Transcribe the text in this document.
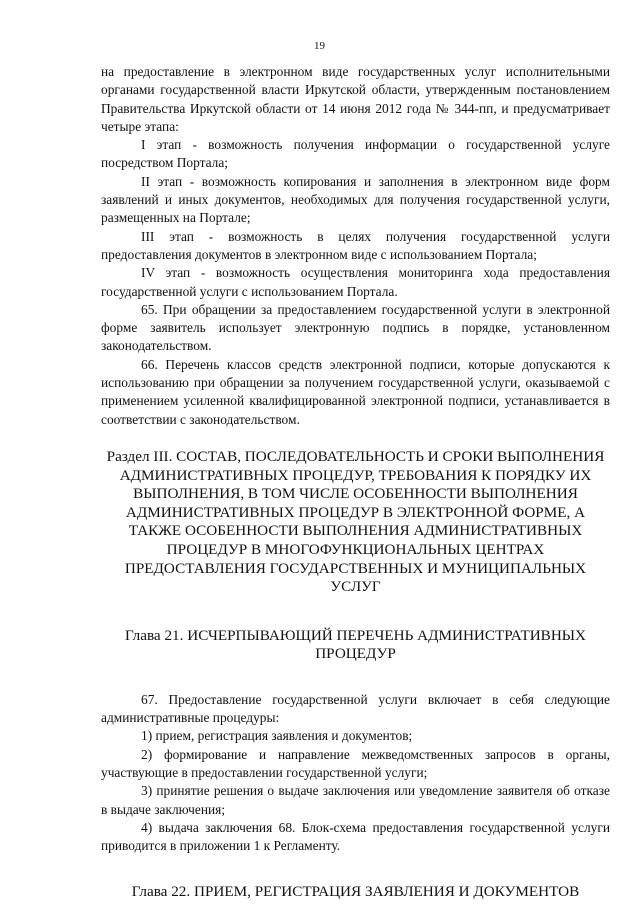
19

на предоставление в электронном виде государственных услуг исполнительными органами государственной власти Иркутской области, утвержденным постановлением Правительства Иркутской области от 14 июня 2012 года № 344-пп, и предусматривает четыре этапа:

I этап - возможность получения информации о государственной услуге посредством Портала;

II этап - возможность копирования и заполнения в электронном виде форм заявлений и иных документов, необходимых для получения государственной услуги, размещенных на Портале;

III этап - возможность в целях получения государственной услуги предоставления документов в электронном виде с использованием Портала;

IV этап - возможность осуществления мониторинга хода предоставления государственной услуги с использованием Портала.

65. При обращении за предоставлением государственной услуги в электронной форме заявитель использует электронную подпись в порядке, установленном законодательством.

66. Перечень классов средств электронной подписи, которые допускаются к использованию при обращении за получением государственной услуги, оказываемой с применением усиленной квалифицированной электронной подписи, устанавливается в соответствии с законодательством.

Раздел III. СОСТАВ, ПОСЛЕДОВАТЕЛЬНОСТЬ И СРОКИ ВЫПОЛНЕНИЯ АДМИНИСТРАТИВНЫХ ПРОЦЕДУР, ТРЕБОВАНИЯ К ПОРЯДКУ ИХ ВЫПОЛНЕНИЯ, В ТОМ ЧИСЛЕ ОСОБЕННОСТИ ВЫПОЛНЕНИЯ АДМИНИСТРАТИВНЫХ ПРОЦЕДУР В ЭЛЕКТРОННОЙ ФОРМЕ, А ТАКЖЕ ОСОБЕННОСТИ ВЫПОЛНЕНИЯ АДМИНИСТРАТИВНЫХ ПРОЦЕДУР В МНОГОФУНКЦИОНАЛЬНЫХ ЦЕНТРАХ ПРЕДОСТАВЛЕНИЯ ГОСУДАРСТВЕННЫХ И МУНИЦИПАЛЬНЫХ УСЛУГ
Глава 21. ИСЧЕРПЫВАЮЩИЙ ПЕРЕЧЕНЬ АДМИНИСТРАТИВНЫХ ПРОЦЕДУР

67. Предоставление государственной услуги включает в себя следующие административные процедуры:

1) прием, регистрация заявления и документов;

2) формирование и направление межведомственных запросов в органы, участвующие в предоставлении государственной услуги;

3) принятие решения о выдаче заключения или уведомление заявителя об отказе в выдаче заключения;

4) выдача заключения 68. Блок-схема предоставления государственной услуги приводится в приложении 1 к Регламенту.

Глава 22. ПРИЕМ, РЕГИСТРАЦИЯ ЗАЯВЛЕНИЯ И ДОКУМЕНТОВ
